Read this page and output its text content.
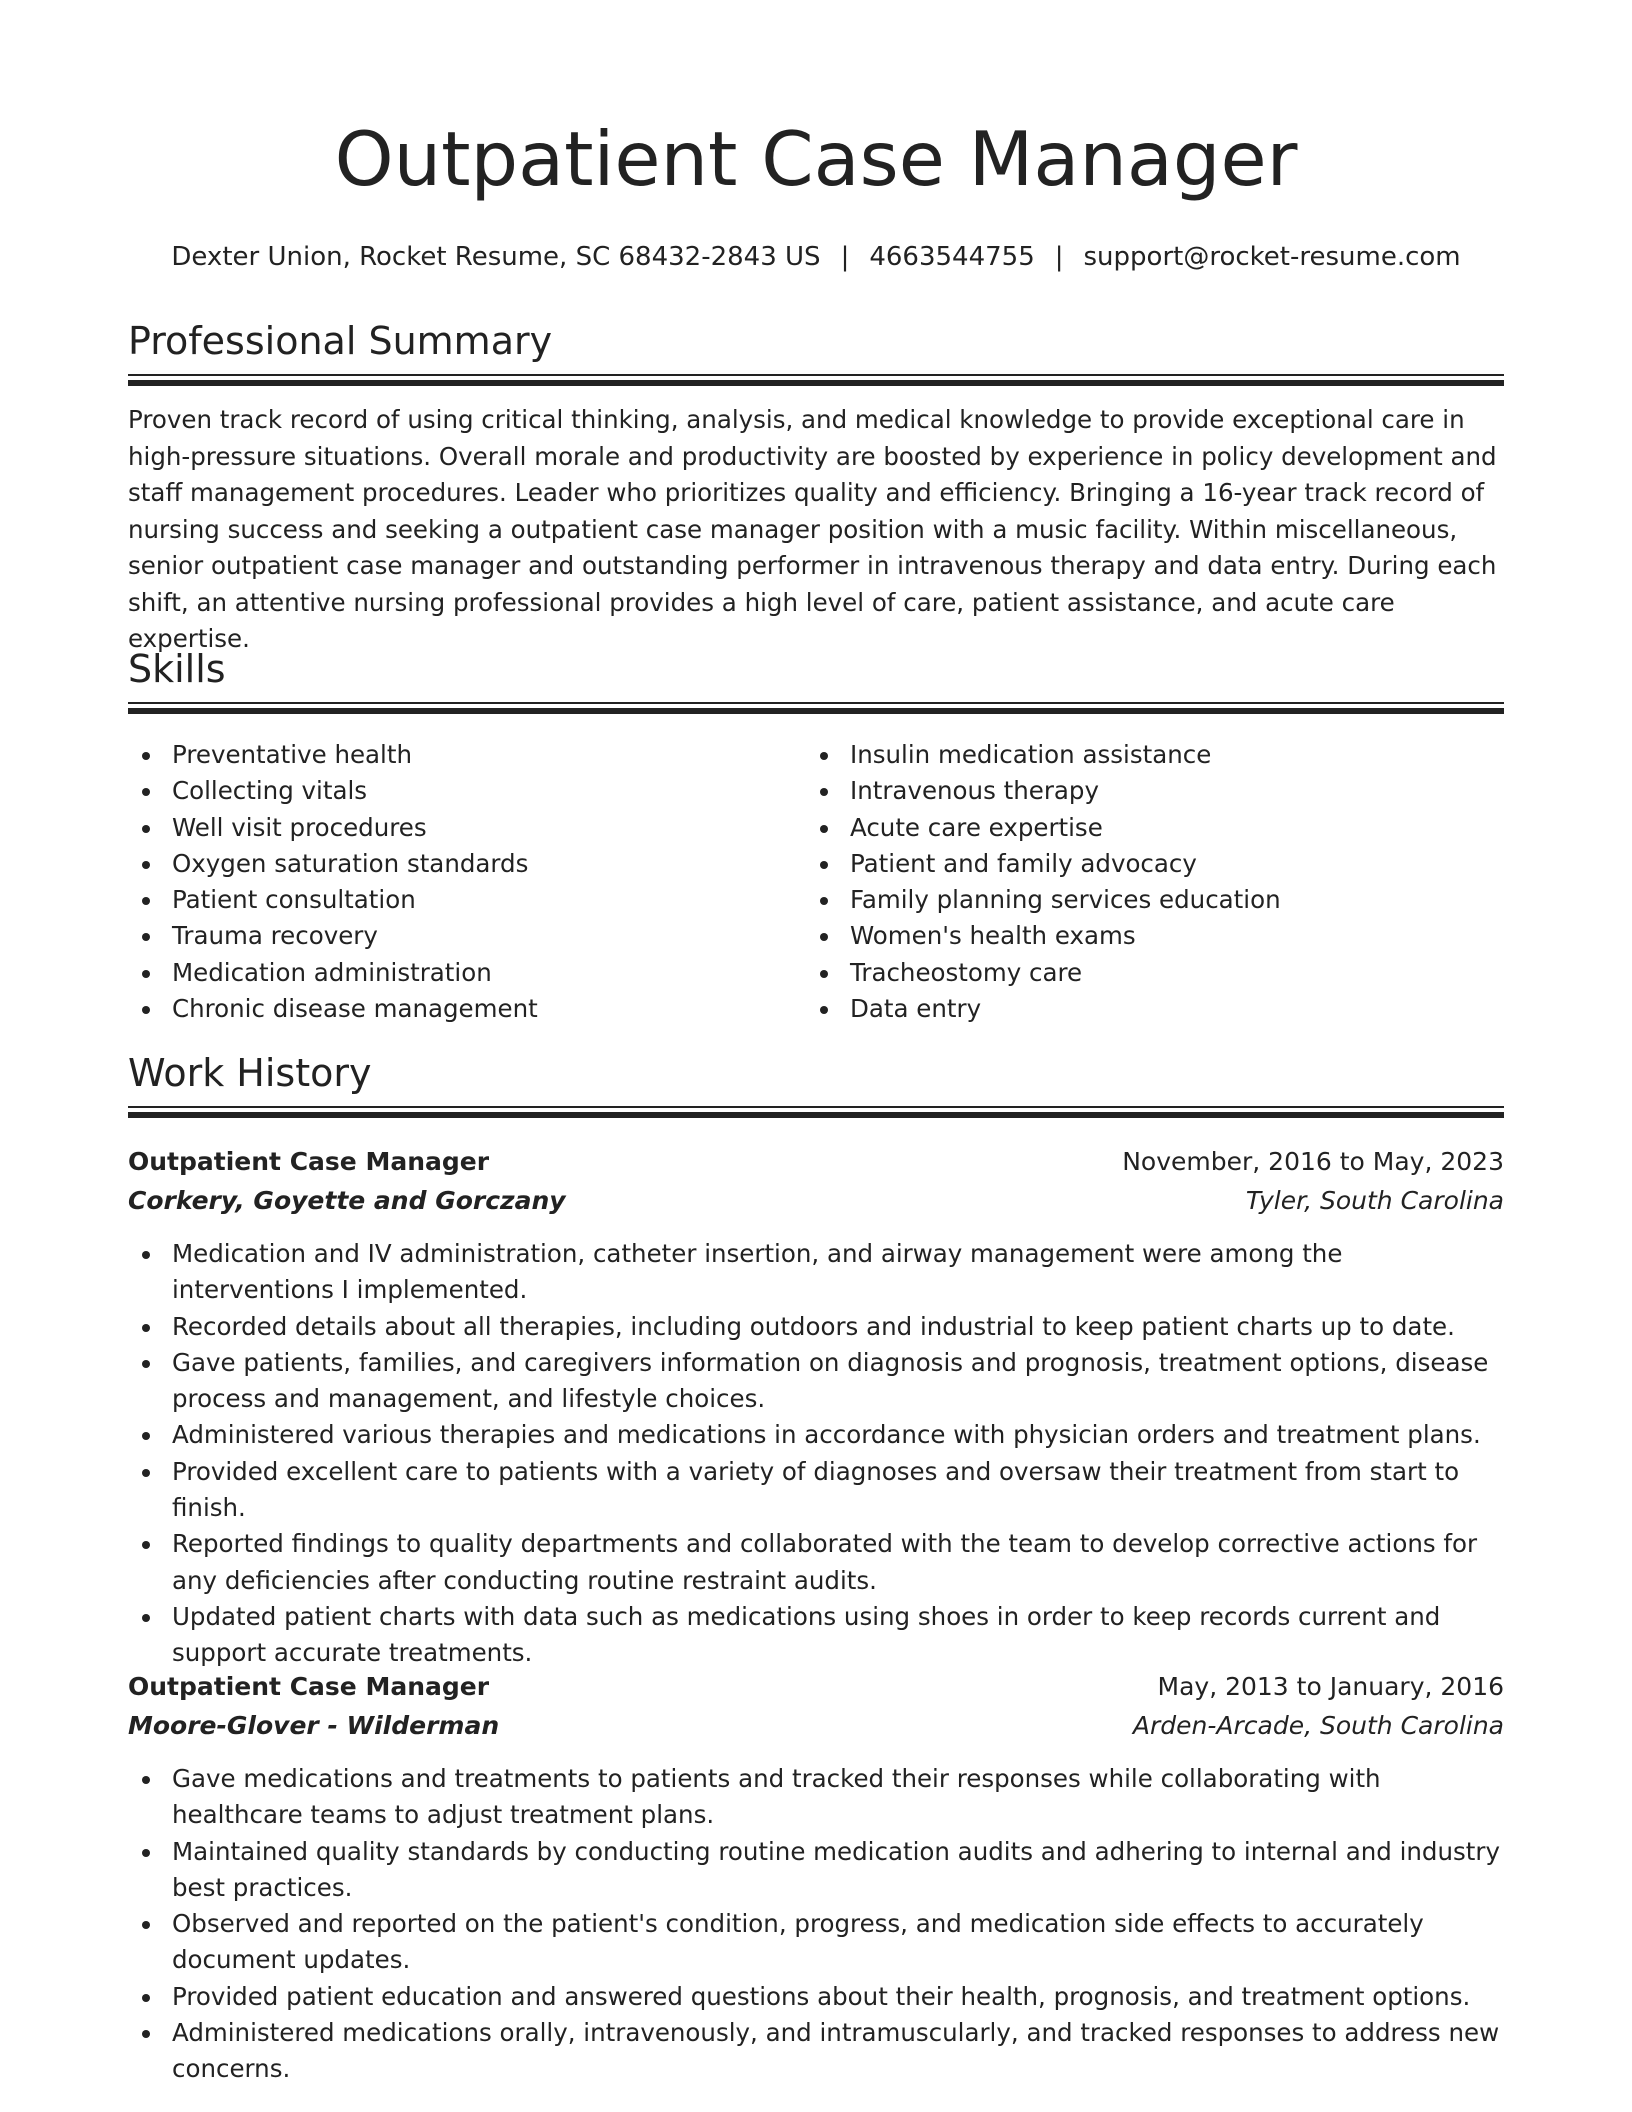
Outpatient Case Manager
Dexter Union, Rocket Resume, SC 68432-2843 US | 4663544755 | support@rocket-resume.com
Professional Summary

Proven track record of using critical thinking, analysis, and medical knowledge to provide exceptional care in high-pressure situations. Overall morale and productivity are boosted by experience in policy development and staff management procedures. Leader who prioritizes quality and efficiency. Bringing a 16-year track record of nursing success and seeking a outpatient case manager position with a music facility. Within miscellaneous, senior outpatient case manager and outstanding performer in intravenous therapy and data entry. During each shift, an attentive nursing professional provides a high level of care, patient assistance, and acute care expertise.

Skills
Preventative health
Collecting vitals
Well visit procedures
Oxygen saturation standards
Patient consultation
Trauma recovery
Medication administration
Chronic disease management
Insulin medication assistance
Intravenous therapy
Acute care expertise
Patient and family advocacy
Family planning services education
Women's health exams
Tracheostomy care
Data entry
Work History
Outpatient Case Manager	November, 2016 to May, 2023
Corkery, Goyette and Gorczany	Tyler, South Carolina
Medication and IV administration, catheter insertion, and airway management were among the interventions I implemented.
Recorded details about all therapies, including outdoors and industrial to keep patient charts up to date.
Gave patients, families, and caregivers information on diagnosis and prognosis, treatment options, disease process and management, and lifestyle choices.
Administered various therapies and medications in accordance with physician orders and treatment plans.
Provided excellent care to patients with a variety of diagnoses and oversaw their treatment from start to finish.
Reported findings to quality departments and collaborated with the team to develop corrective actions for any deficiencies after conducting routine restraint audits.
Updated patient charts with data such as medications using shoes in order to keep records current and support accurate treatments.
Outpatient Case Manager	May, 2013 to January, 2016
Moore-Glover - Wilderman	Arden-Arcade, South Carolina
Gave medications and treatments to patients and tracked their responses while collaborating with healthcare teams to adjust treatment plans.
Maintained quality standards by conducting routine medication audits and adhering to internal and industry best practices.
Observed and reported on the patient's condition, progress, and medication side effects to accurately document updates.
Provided patient education and answered questions about their health, prognosis, and treatment options.
Administered medications orally, intravenously, and intramuscularly, and tracked responses to address new concerns.
